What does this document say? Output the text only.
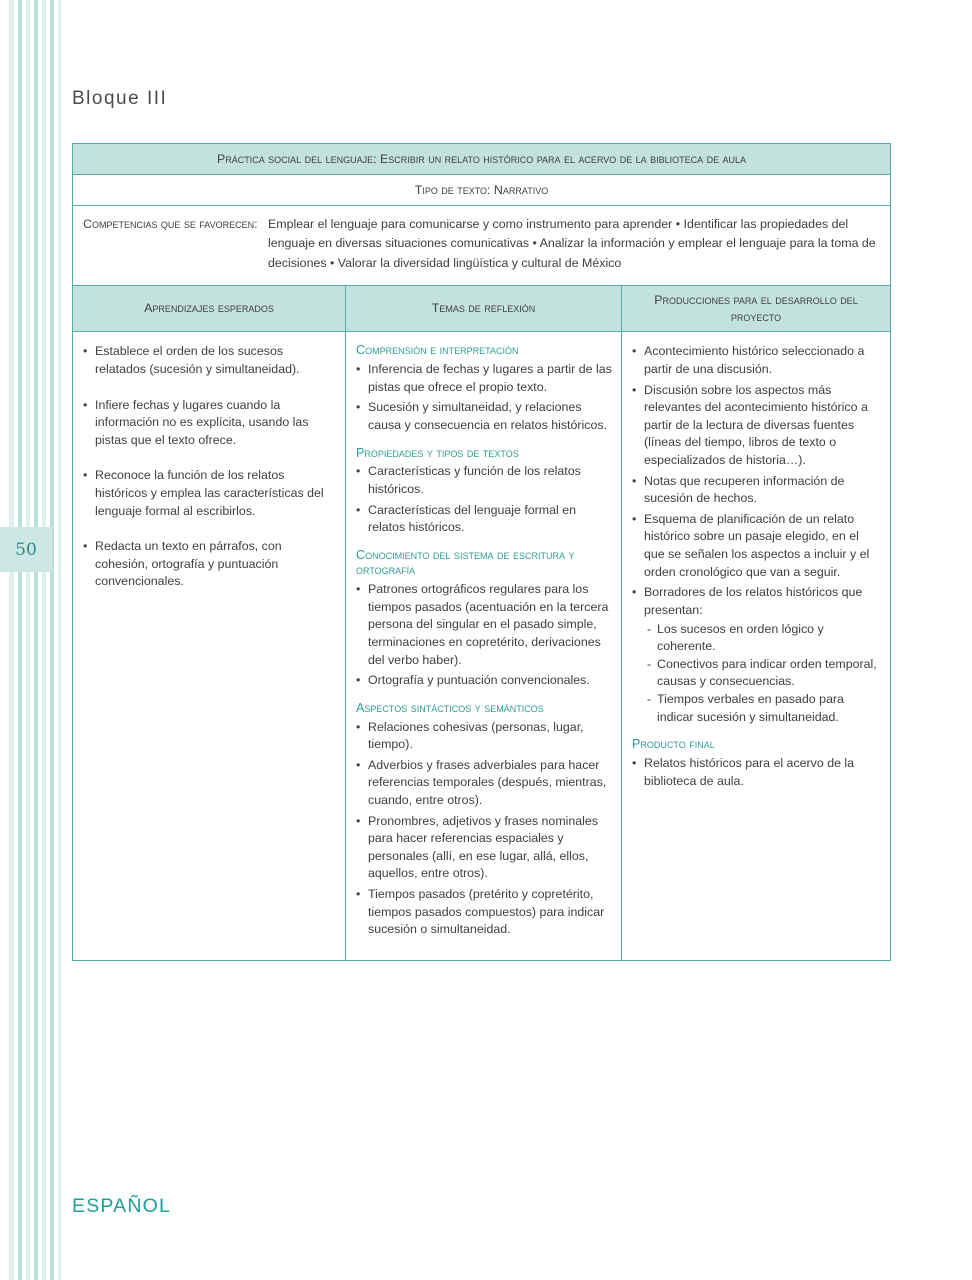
50
Bloque III
Práctica social del lenguaje: Escribir un relato histórico para el acervo de la biblioteca de aula
Tipo de texto: Narrativo
Competencias que se favorecen: Emplear el lenguaje para comunicarse y como instrumento para aprender • Identificar las propiedades del lenguaje en diversas situaciones comunicativas • Analizar la información y emplear el lenguaje para la toma de decisiones • Valorar la diversidad lingüística y cultural de México
Aprendizajes esperados	Temas de reflexión
Producciones para el desarrollo del proyecto
• Establece el orden de los sucesos relatados (sucesión y simultaneidad).
• Infiere fechas y lugares cuando la información no es explícita, usando las pistas que el texto ofrece.
• Reconoce la función de los relatos históricos y emplea las características del lenguaje formal al escribirlos.
• Redacta un texto en párrafos, con cohesión, ortografía y puntuación convencionales.
Comprensión e interpretación
• Inferencia de fechas y lugares a partir de las pistas que ofrece el propio texto.
• Sucesión y simultaneidad, y relaciones causa y consecuencia en relatos históricos.
Propiedades y tipos de textos
• Características y función de los relatos históricos.
• Características del lenguaje formal en relatos históricos.
Conocimiento del sistema de escritura y ortografía
• Patrones ortográficos regulares para los tiempos pasados (acentuación en la tercera persona del singular en el pasado simple, terminaciones en copretérito, derivaciones del verbo haber).
• Ortografía y puntuación convencionales.
Aspectos sintácticos y semánticos
• Relaciones cohesivas (personas, lugar, tiempo).
• Adverbios y frases adverbiales para hacer referencias temporales (después, mientras, cuando, entre otros).
• Pronombres, adjetivos y frases nominales para hacer referencias espaciales y personales (allí, en ese lugar, allá, ellos, aquellos, entre otros).
• Tiempos pasados (pretérito y copretérito, tiempos pasados compuestos) para indicar sucesión o simultaneidad.
• Acontecimiento histórico seleccionado a partir de una discusión.
• Discusión sobre los aspectos más relevantes del acontecimiento histórico a partir de la lectura de diversas fuentes (líneas del tiempo, libros de texto o especializados de historia…).
• Notas que recuperen información de sucesión de hechos.
• Esquema de planificación de un relato histórico sobre un pasaje elegido, en el que se señalen los aspectos a incluir y el orden cronológico que van a seguir.
• Borradores de los relatos históricos que presentan:
- Los sucesos en orden lógico y coherente.
- Conectivos para indicar orden temporal, causas y consecuencias.
- Tiempos verbales en pasado para indicar sucesión y simultaneidad.
Producto final
• Relatos históricos para el acervo de la biblioteca de aula.
ESPAÑOL
